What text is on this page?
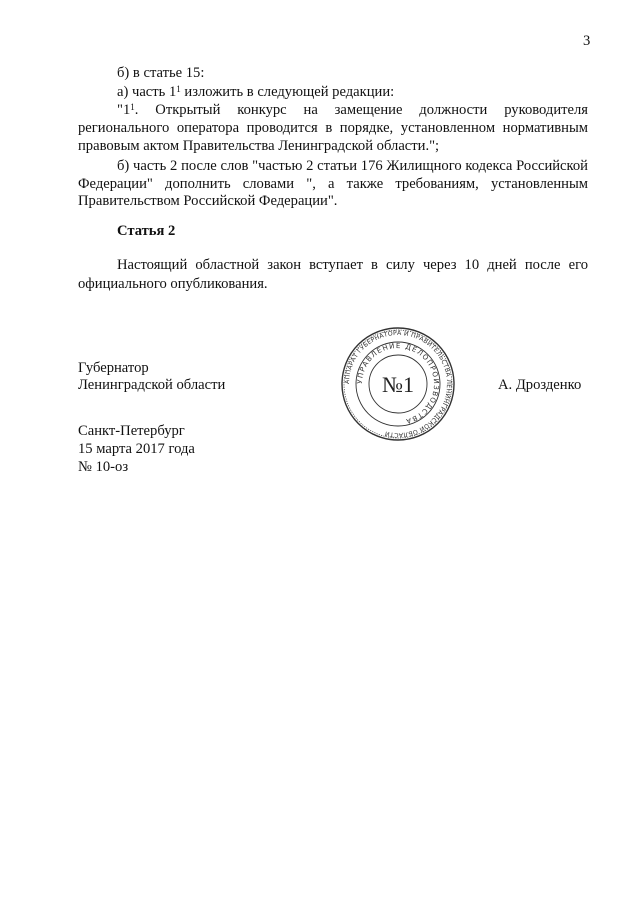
3
б) в статье 15:
а) часть $1^1$ изложить в следующей редакции:
"$1^1$. Открытый конкурс на замещение должности руководителя
регионального оператора проводится в порядке, установленном нормативным
правовым актом Правительства Ленинградской области.";
б) часть 2 после слов "частью 2 статьи 176 Жилищного кодекса Российской
Федерации" дополнить словами ", а также требованиям, установленным
Правительством Российской Федерации".
Статья 2
Настоящий областной закон вступает в силу через 10 дней после его
официального опубликования.
Губернатор
Ленинградской области	А. Дрозденко
АППАРАТ ГУБЕРНАТОРА И ПРАВИТЕЛЬСТВА ЛЕНИНГРАДСКОЙ ОБЛАСТИ
УПРАВЛЕНИЕ ДЕЛОПРОИЗВОДСТВА
№1
Санкт-Петербург
15 марта 2017 года
№ 10-оз
